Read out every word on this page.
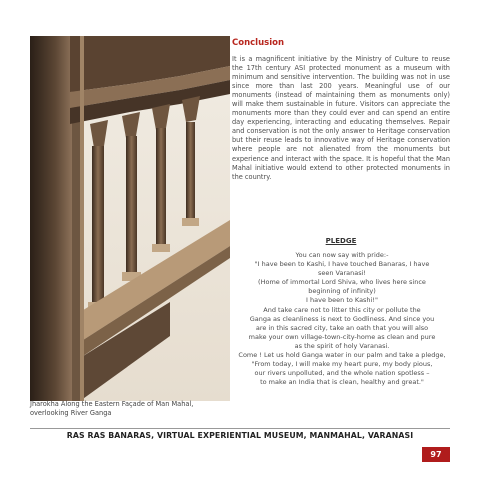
Jharokha Along the Eastern Façade of Man Mahal,
overlooking River Ganga
Conclusion

It is a magnificent initiative by the Ministry of Culture to reuse the 17th century ASI protected monument as a museum with minimum and sensitive intervention. The building was not in use since more than last 200 years. Meaningful use of our monuments (instead of maintaining them as monuments only) will make them sustainable in future. Visitors can appreciate the monuments more than they could ever and can spend an entire day experiencing, interacting and educating themselves. Repair and conservation is not the only answer to Heritage conservation but their reuse leads to innovative way of Heritage conservation where people are not alienated from the monuments but experience and interact with the space. It is hopeful that the Man Mahal initiative would extend to other protected monuments in the country.

PLEDGE
You can now say with pride:-
"I have been to Kashi, I have touched Banaras, I have
seen Varanasi!
(Home of immortal Lord Shiva, who lives here since
beginning of infinity)
I have been to Kashi!"
And take care not to litter this city or pollute the
Ganga as cleanliness is next to Godliness. And since you
are in this sacred city, take an oath that you will also
make your own village-town-city-home as clean and pure
as the spirit of holy Varanasi.
Come ! Let us hold Ganga water in our palm and take a pledge,
"From today, I will make my heart pure, my body pious,
our rivers unpolluted, and the whole nation spotless –
to make an India that is clean, healthy and great."
RAS RAS BANARAS, VIRTUAL EXPERIENTIAL MUSEUM, MANMAHAL, VARANASI
97
